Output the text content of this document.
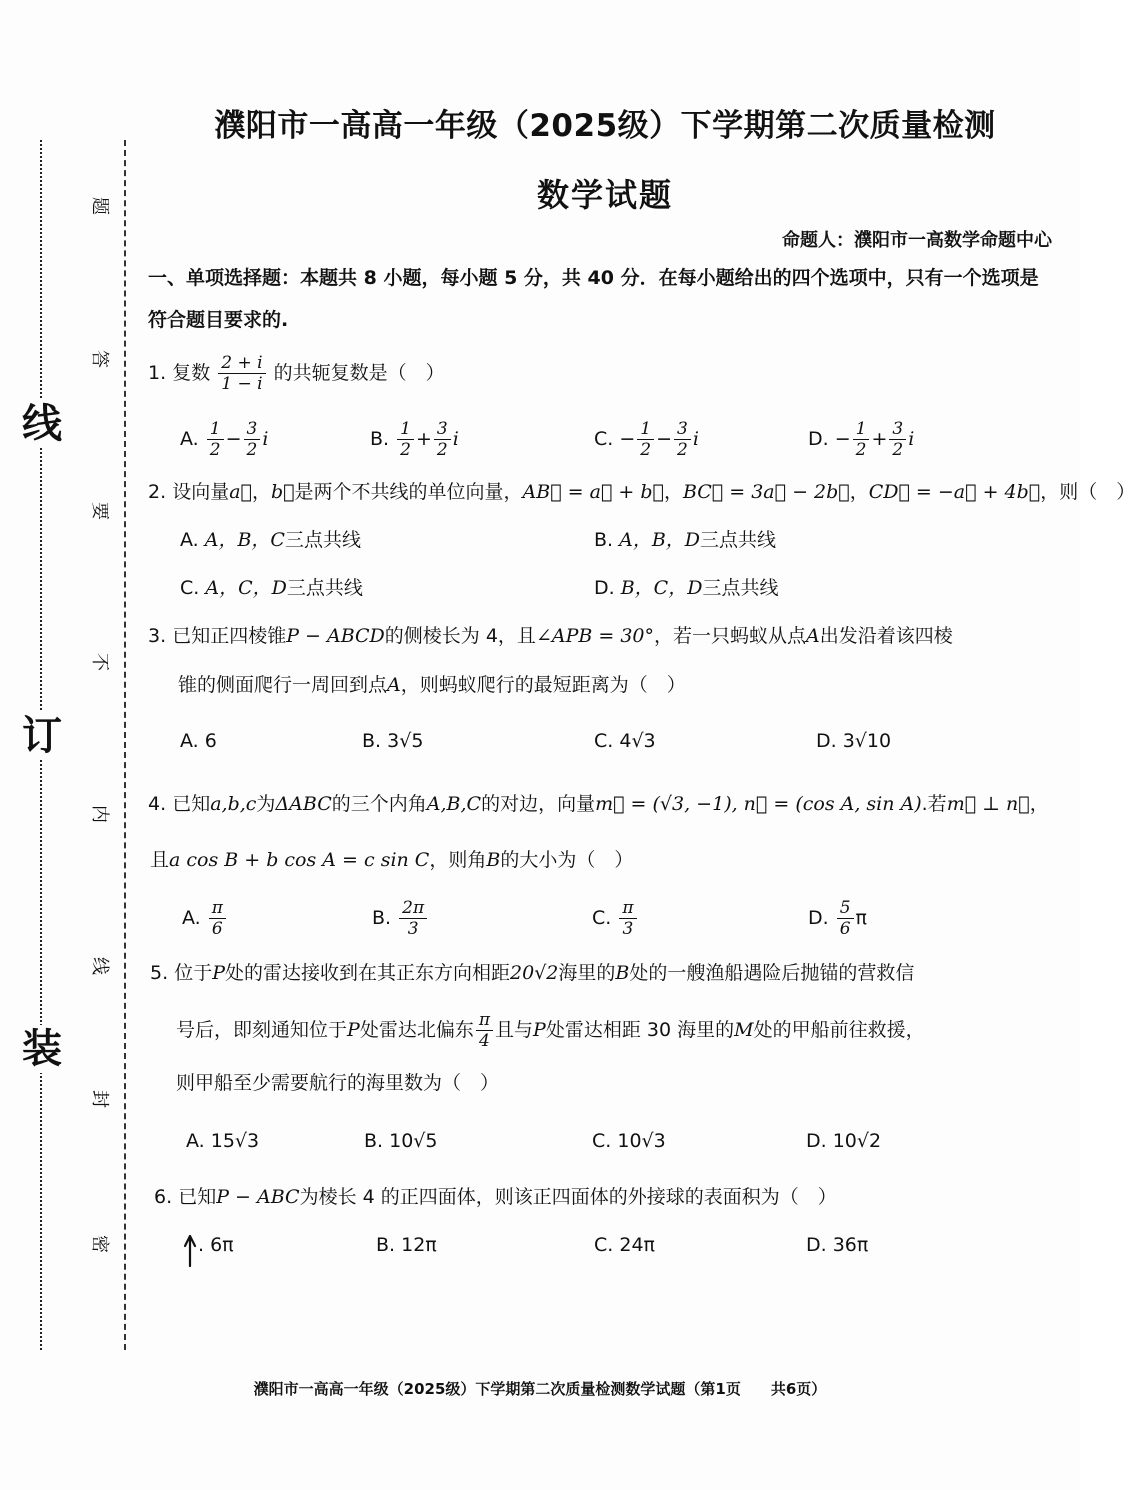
装
订
线
题
答
要
不
内
线
封
密
濮阳市一高高一年级（2025级）下学期第二次质量检测
数学试题
命题人：濮阳市一高数学命题中心
一、单项选择题：本题共 8 小题，每小题 5 分，共 40 分．在每小题给出的四个选项中，只有一个选项是符合题目要求的.
1. 复数 $\frac{2 + i}{1 - i}$ 的共轭复数是（　）
A. $\frac{1}{2} - \frac{3}{2}$ i	B. $\frac{1}{2} + \frac{3}{2}$ i	C. − $\frac{1}{2} - \frac{3}{2}$ i	D. − $\frac{1}{2} + \frac{3}{2}$ i
2. 设向量a⃗，b⃗是两个不共线的单位向量，AB⃗ = a⃗ + b⃗，BC⃗ = 3a⃗ − 2b⃗，CD⃗ = −a⃗ + 4b⃗，则（　）
A. A，B，C三点共线	B. A，B，D三点共线
C. A，C，D三点共线	D. B，C，D三点共线
3. 已知正四棱锥P − ABCD的侧棱长为 4，且∠APB = 30°，若一只蚂蚁从点A出发沿着该四棱
锥的侧面爬行一周回到点A，则蚂蚁爬行的最短距离为（　）
A. 6	B. 3√5	C. 4√3	D. 3√10
4. 已知a,b,c为ΔABC的三个内角A,B,C的对边，向量m⃗ = (√3, −1), n⃗ = (cos A, sin A).若m⃗ ⊥ n⃗，
且a cos B + b cos A = c sin C，则角B的大小为（　）
A. $\frac{\pi}{6}$	B. $\frac{2\pi}{3}$	C. $\frac{\pi}{3}$	D. $\frac{5}{6}$ π
5. 位于P处的雷达接收到在其正东方向相距20√2海里的B处的一艘渔船遇险后抛锚的营救信
号后，即刻通知位于P处雷达北偏东 $\frac{\pi}{4}$ 且与P处雷达相距 30 海里的M处的甲船前往救援，
则甲船至少需要航行的海里数为（　）
A. 15√3	B. 10√5	C. 10√3	D. 10√2
6. 已知P − ABC为棱长 4 的正四面体，则该正四面体的外接球的表面积为（　）
. 6π	B. 12π	C. 24π	D. 36π
濮阳市一高高一年级（2025级）下学期第二次质量检测数学试题（第1页　　共6页）
